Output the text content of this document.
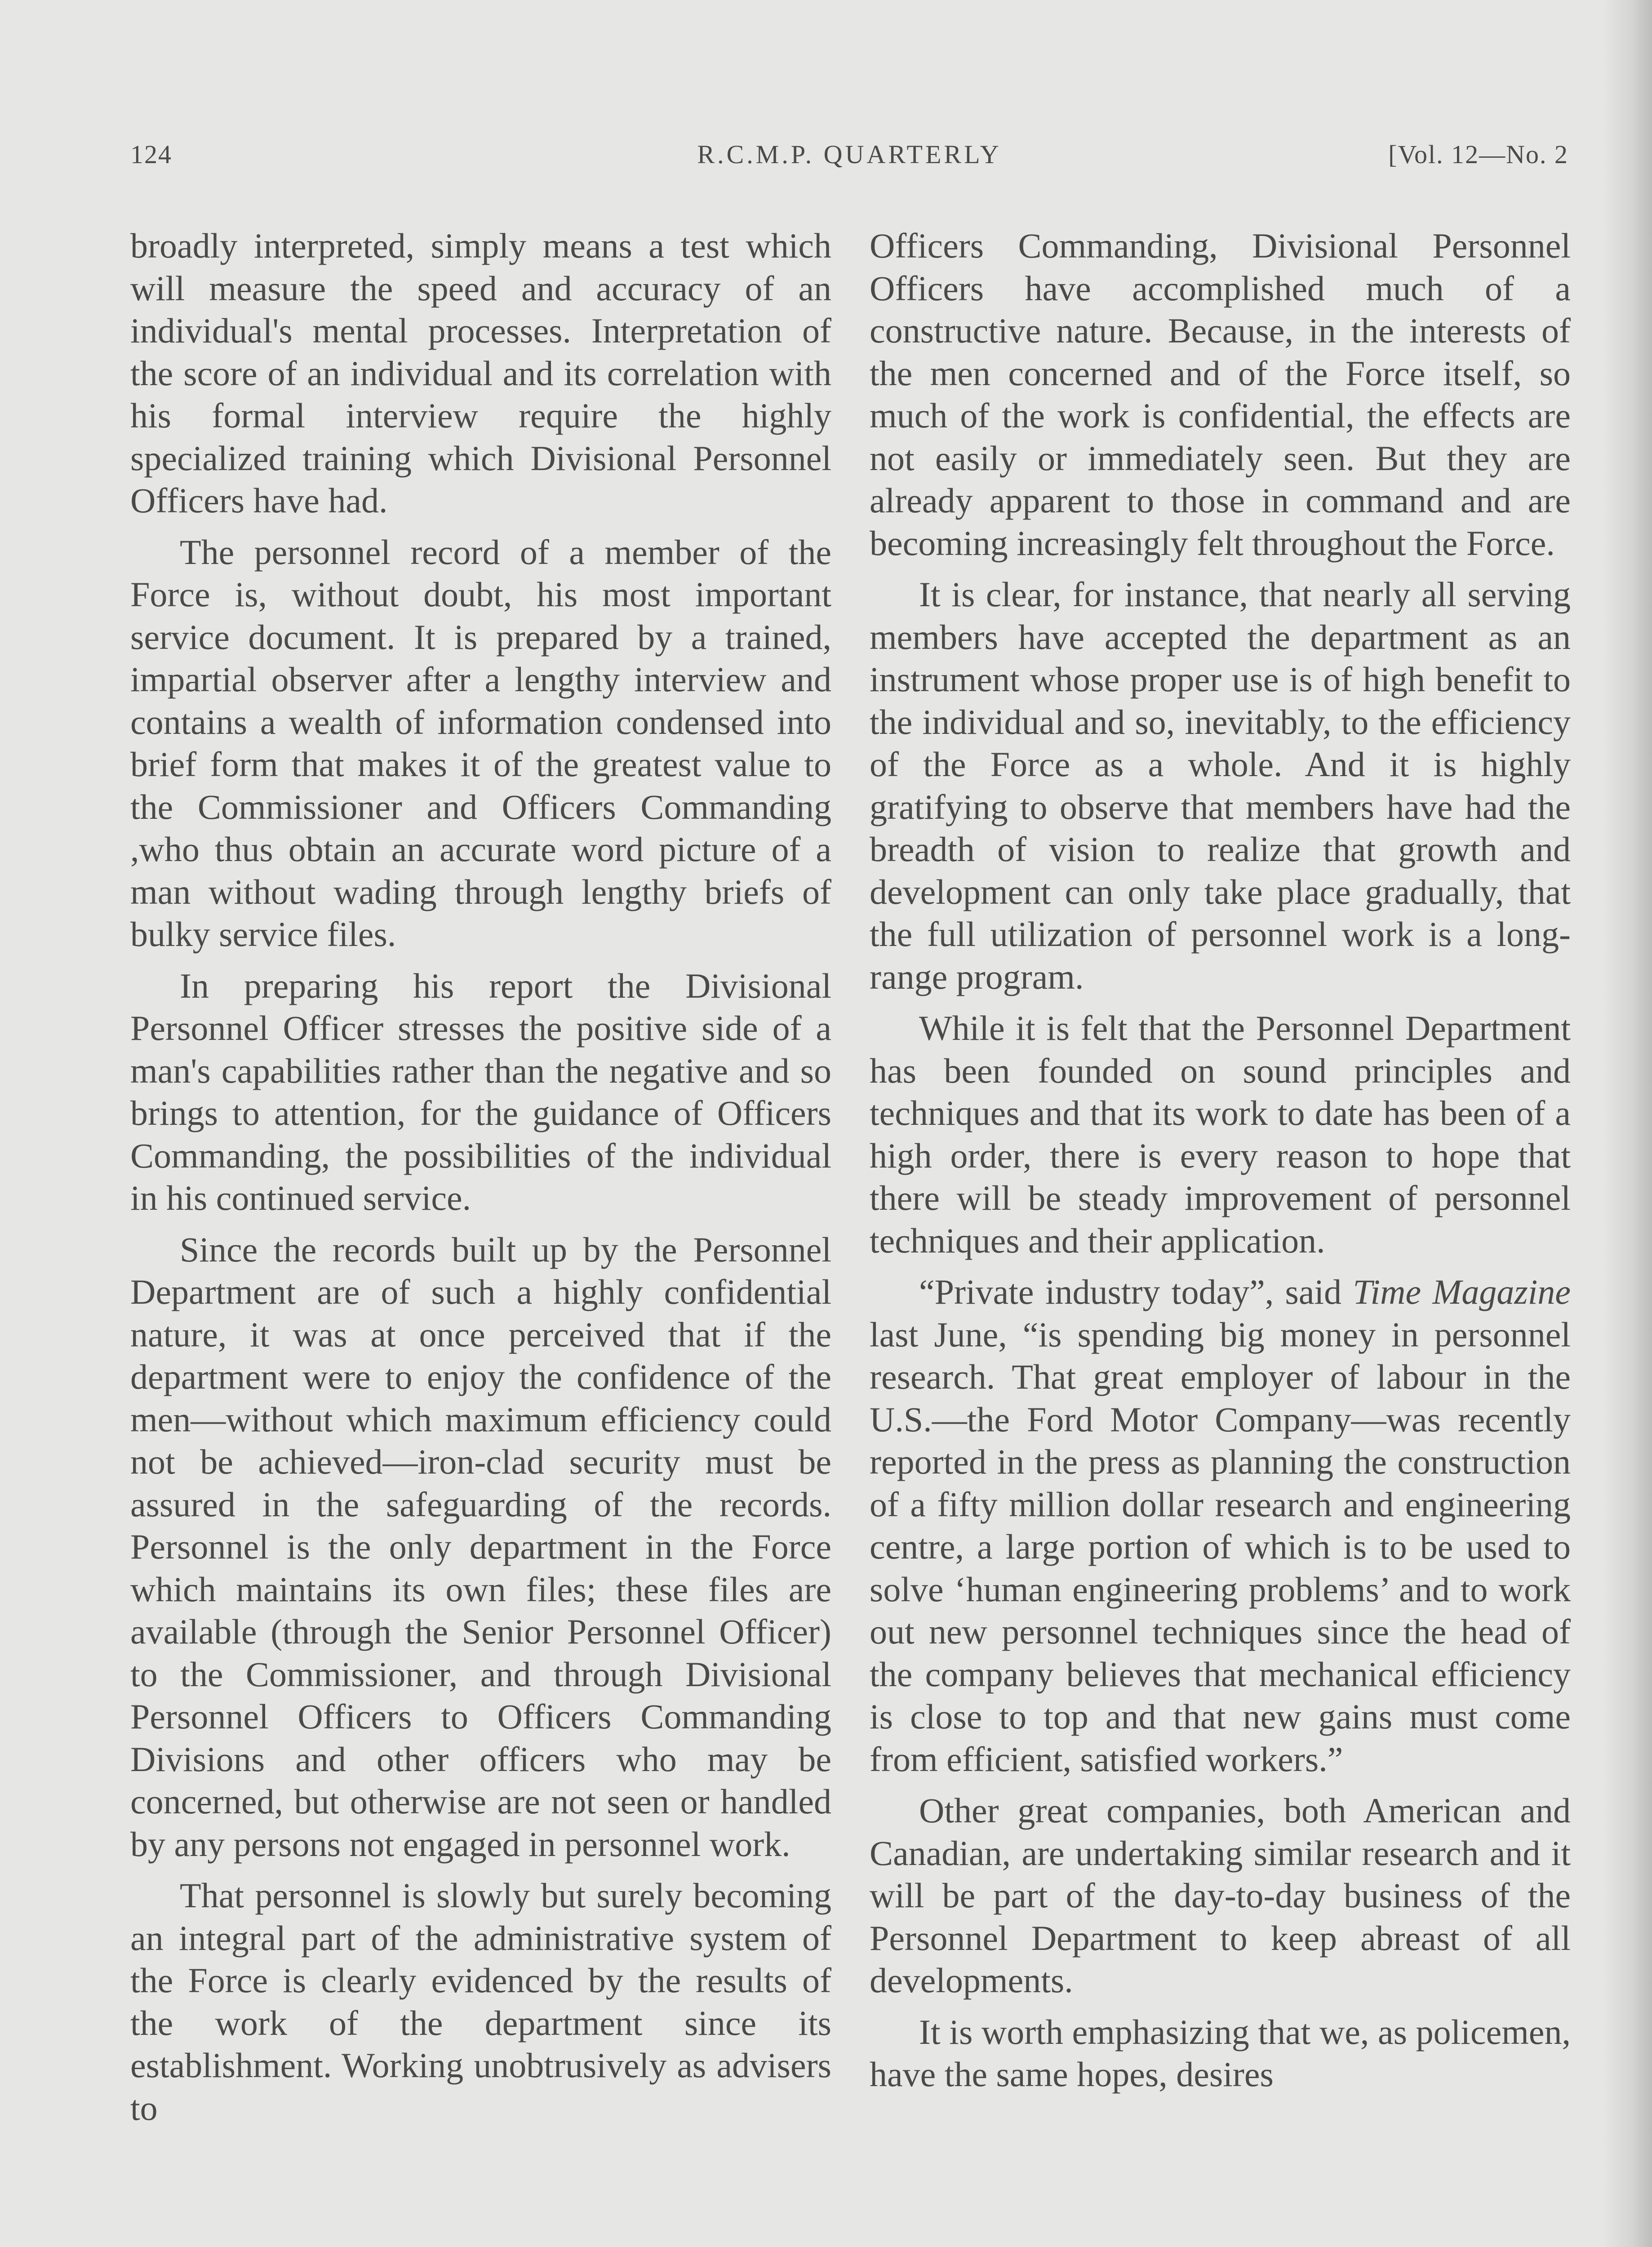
124	R.C.M.P. QUARTERLY	[Vol. 12—No. 2

broadly interpreted, simply means a test which will measure the speed and accuracy of an individual's mental processes. Interpretation of the score of an individual and its correlation with his formal interview require the highly specialized training which Divisional Personnel Officers have had.

The personnel record of a member of the Force is, without doubt, his most important service document. It is prepared by a trained, impartial observer after a lengthy interview and contains a wealth of information condensed into brief form that makes it of the greatest value to the Commissioner and Officers Commanding ,who thus obtain an accurate word picture of a man without wading through lengthy briefs of bulky service files.

In preparing his report the Divisional Personnel Officer stresses the positive side of a man's capabilities rather than the negative and so brings to attention, for the guidance of Officers Commanding, the possibilities of the individual in his continued service.

Since the records built up by the Personnel Department are of such a highly confidential nature, it was at once perceived that if the department were to enjoy the confidence of the men—without which maximum efficiency could not be achieved—iron-clad security must be assured in the safeguarding of the records. Personnel is the only department in the Force which maintains its own files; these files are available (through the Senior Personnel Officer) to the Commissioner, and through Divisional Personnel Officers to Officers Commanding Divisions and other officers who may be concerned, but otherwise are not seen or handled by any persons not engaged in personnel work.

That personnel is slowly but surely becoming an integral part of the administrative system of the Force is clearly evidenced by the results of the work of the department since its establishment. Working unobtrusively as advisers to

Officers Commanding, Divisional Personnel Officers have accomplished much of a constructive nature. Because, in the interests of the men concerned and of the Force itself, so much of the work is confidential, the effects are not easily or immediately seen. But they are already apparent to those in command and are becoming increasingly felt throughout the Force.

It is clear, for instance, that nearly all serving members have accepted the department as an instrument whose proper use is of high benefit to the individual and so, inevitably, to the efficiency of the Force as a whole. And it is highly gratifying to observe that members have had the breadth of vision to realize that growth and development can only take place gradually, that the full utilization of personnel work is a long-range program.

While it is felt that the Personnel Department has been founded on sound principles and techniques and that its work to date has been of a high order, there is every reason to hope that there will be steady improvement of personnel techniques and their application.

“Private industry today”, said Time Magazine last June, “is spending big money in personnel research. That great employer of labour in the U.S.—the Ford Motor Company—was recently reported in the press as planning the construction of a fifty million dollar research and engineering centre, a large portion of which is to be used to solve ‘human engineering problems’ and to work out new personnel techniques since the head of the company believes that mechanical efficiency is close to top and that new gains must come from efficient, satisfied workers.”

Other great companies, both American and Canadian, are undertaking similar research and it will be part of the day-to-day business of the Personnel Department to keep abreast of all developments.

It is worth emphasizing that we, as policemen, have the same hopes, desires
